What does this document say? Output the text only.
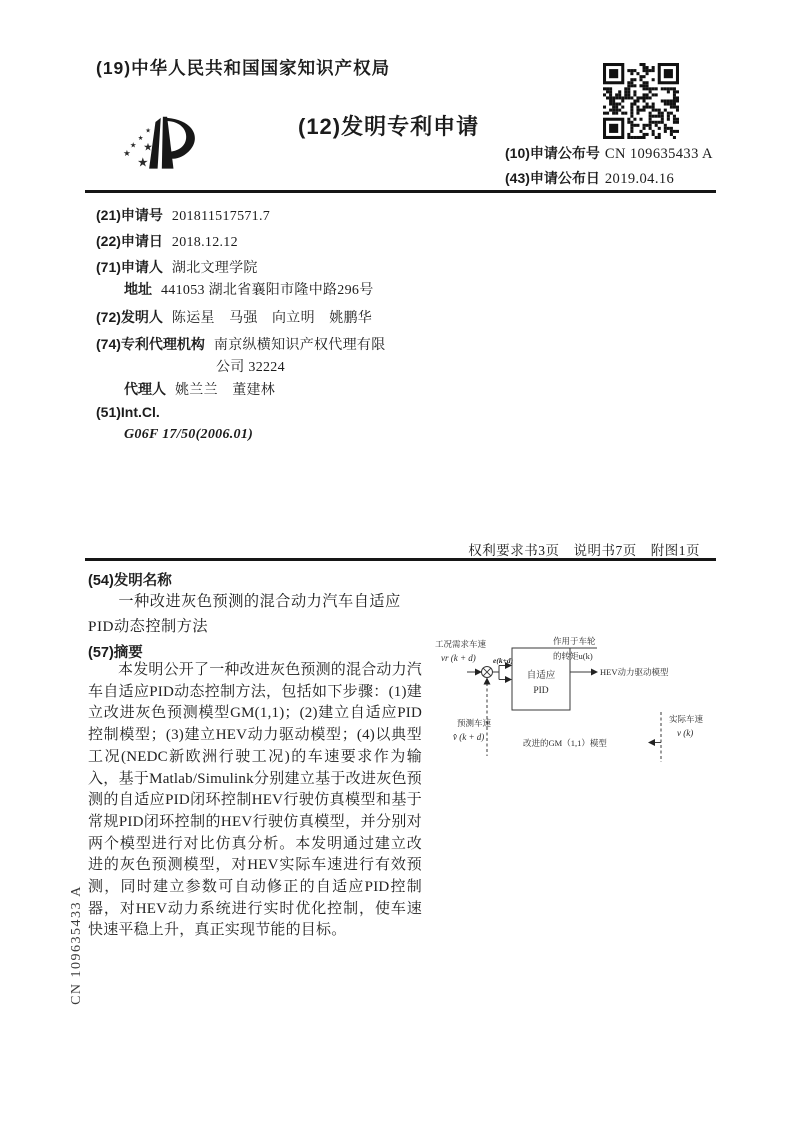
(19)中华人民共和国国家知识产权局
★
★
★ ★
★
★
(12)发明专利申请
(10)申请公布号 CN 109635433 A
(43)申请公布日 2019.04.16
(21)申请号 201811517571.7
(22)申请日 2018.12.12
(71)申请人 湖北文理学院
地址 441053 湖北省襄阳市隆中路296号
(72)发明人 陈运星　马强　向立明　姚鹏华
(74)专利代理机构 南京纵横知识产权代理有限
公司 32224
代理人 姚兰兰　董建林
(51)Int.Cl.
G06F 17/50(2006.01)
权利要求书3页　说明书7页　附图1页
(54)发明名称
一种改进灰色预测的混合动力汽车自适应
PID动态控制方法
(57)摘要
本发明公开了一种改进灰色预测的混合动力汽车自适应PID动态控制方法，包括如下步骤：(1)建立改进灰色预测模型GM(1,1)；(2)建立自适应PID控制模型；(3)建立HEV动力驱动模型；(4)以典型工况(NEDC新欧洲行驶工况)的车速要求作为输入，基于Matlab/Simulink分别建立基于改进灰色预测的自适应PID闭环控制HEV行驶仿真模型和基于常规PID闭环控制的HEV行驶仿真模型，并分别对两个模型进行对比仿真分析。本发明通过建立改进的灰色预测模型，对HEV实际车速进行有效预测，同时建立参数可自动修正的自适应PID控制器，对HEV动力系统进行实时优化控制，使车速快速平稳上升，真正实现节能的目标。
工况需求车速
vr (k + d) e(k+d)
自适应
PID
作用于车轮
的转矩u(k)
HEV动力驱动模型
预测车速
v̂ (k + d)
改进的GM（1,1）模型
实际车速
v (k)
CN 109635433 A
